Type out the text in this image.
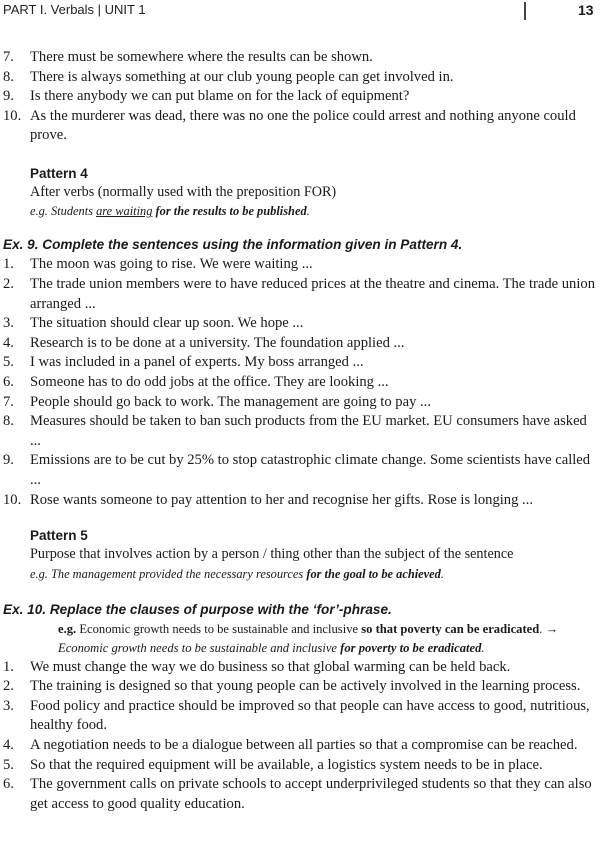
PART I. Verbals | UNIT 1	13
7. There must be somewhere where the results can be shown.
8. There is always something at our club young people can get involved in.
9. Is there anybody we can put blame on for the lack of equipment?
10. As the murderer was dead, there was no one the police could arrest and nothing anyone could prove.
Pattern 4
After verbs (normally used with the preposition FOR)
e.g. Students are waiting for the results to be published.
Ex. 9. Complete the sentences using the information given in Pattern 4.
1. The moon was going to rise. We were waiting ...
2. The trade union members were to have reduced prices at the theatre and cinema. The trade union arranged ...
3. The situation should clear up soon. We hope ...
4. Research is to be done at a university. The foundation applied ...
5. I was included in a panel of experts. My boss arranged ...
6. Someone has to do odd jobs at the office. They are looking ...
7. People should go back to work. The management are going to pay ...
8. Measures should be taken to ban such products from the EU market. EU consumers have asked ...
9. Emissions are to be cut by 25% to stop catastrophic climate change. Some scientists have called ...
10. Rose wants someone to pay attention to her and recognise her gifts. Rose is longing ...
Pattern 5
Purpose that involves action by a person / thing other than the subject of the sentence
e.g. The management provided the necessary resources for the goal to be achieved.
Ex. 10. Replace the clauses of purpose with the ‘for’-phrase.
e.g. Economic growth needs to be sustainable and inclusive so that poverty can be eradicated. → Economic growth needs to be sustainable and inclusive for poverty to be eradicated.
1. We must change the way we do business so that global warming can be held back.
2. The training is designed so that young people can be actively involved in the learning process.
3. Food policy and practice should be improved so that people can have access to good, nutritious, healthy food.
4. A negotiation needs to be a dialogue between all parties so that a compromise can be reached.
5. So that the required equipment will be available, a logistics system needs to be in place.
6. The government calls on private schools to accept underprivileged students so that they can also get access to good quality education.
